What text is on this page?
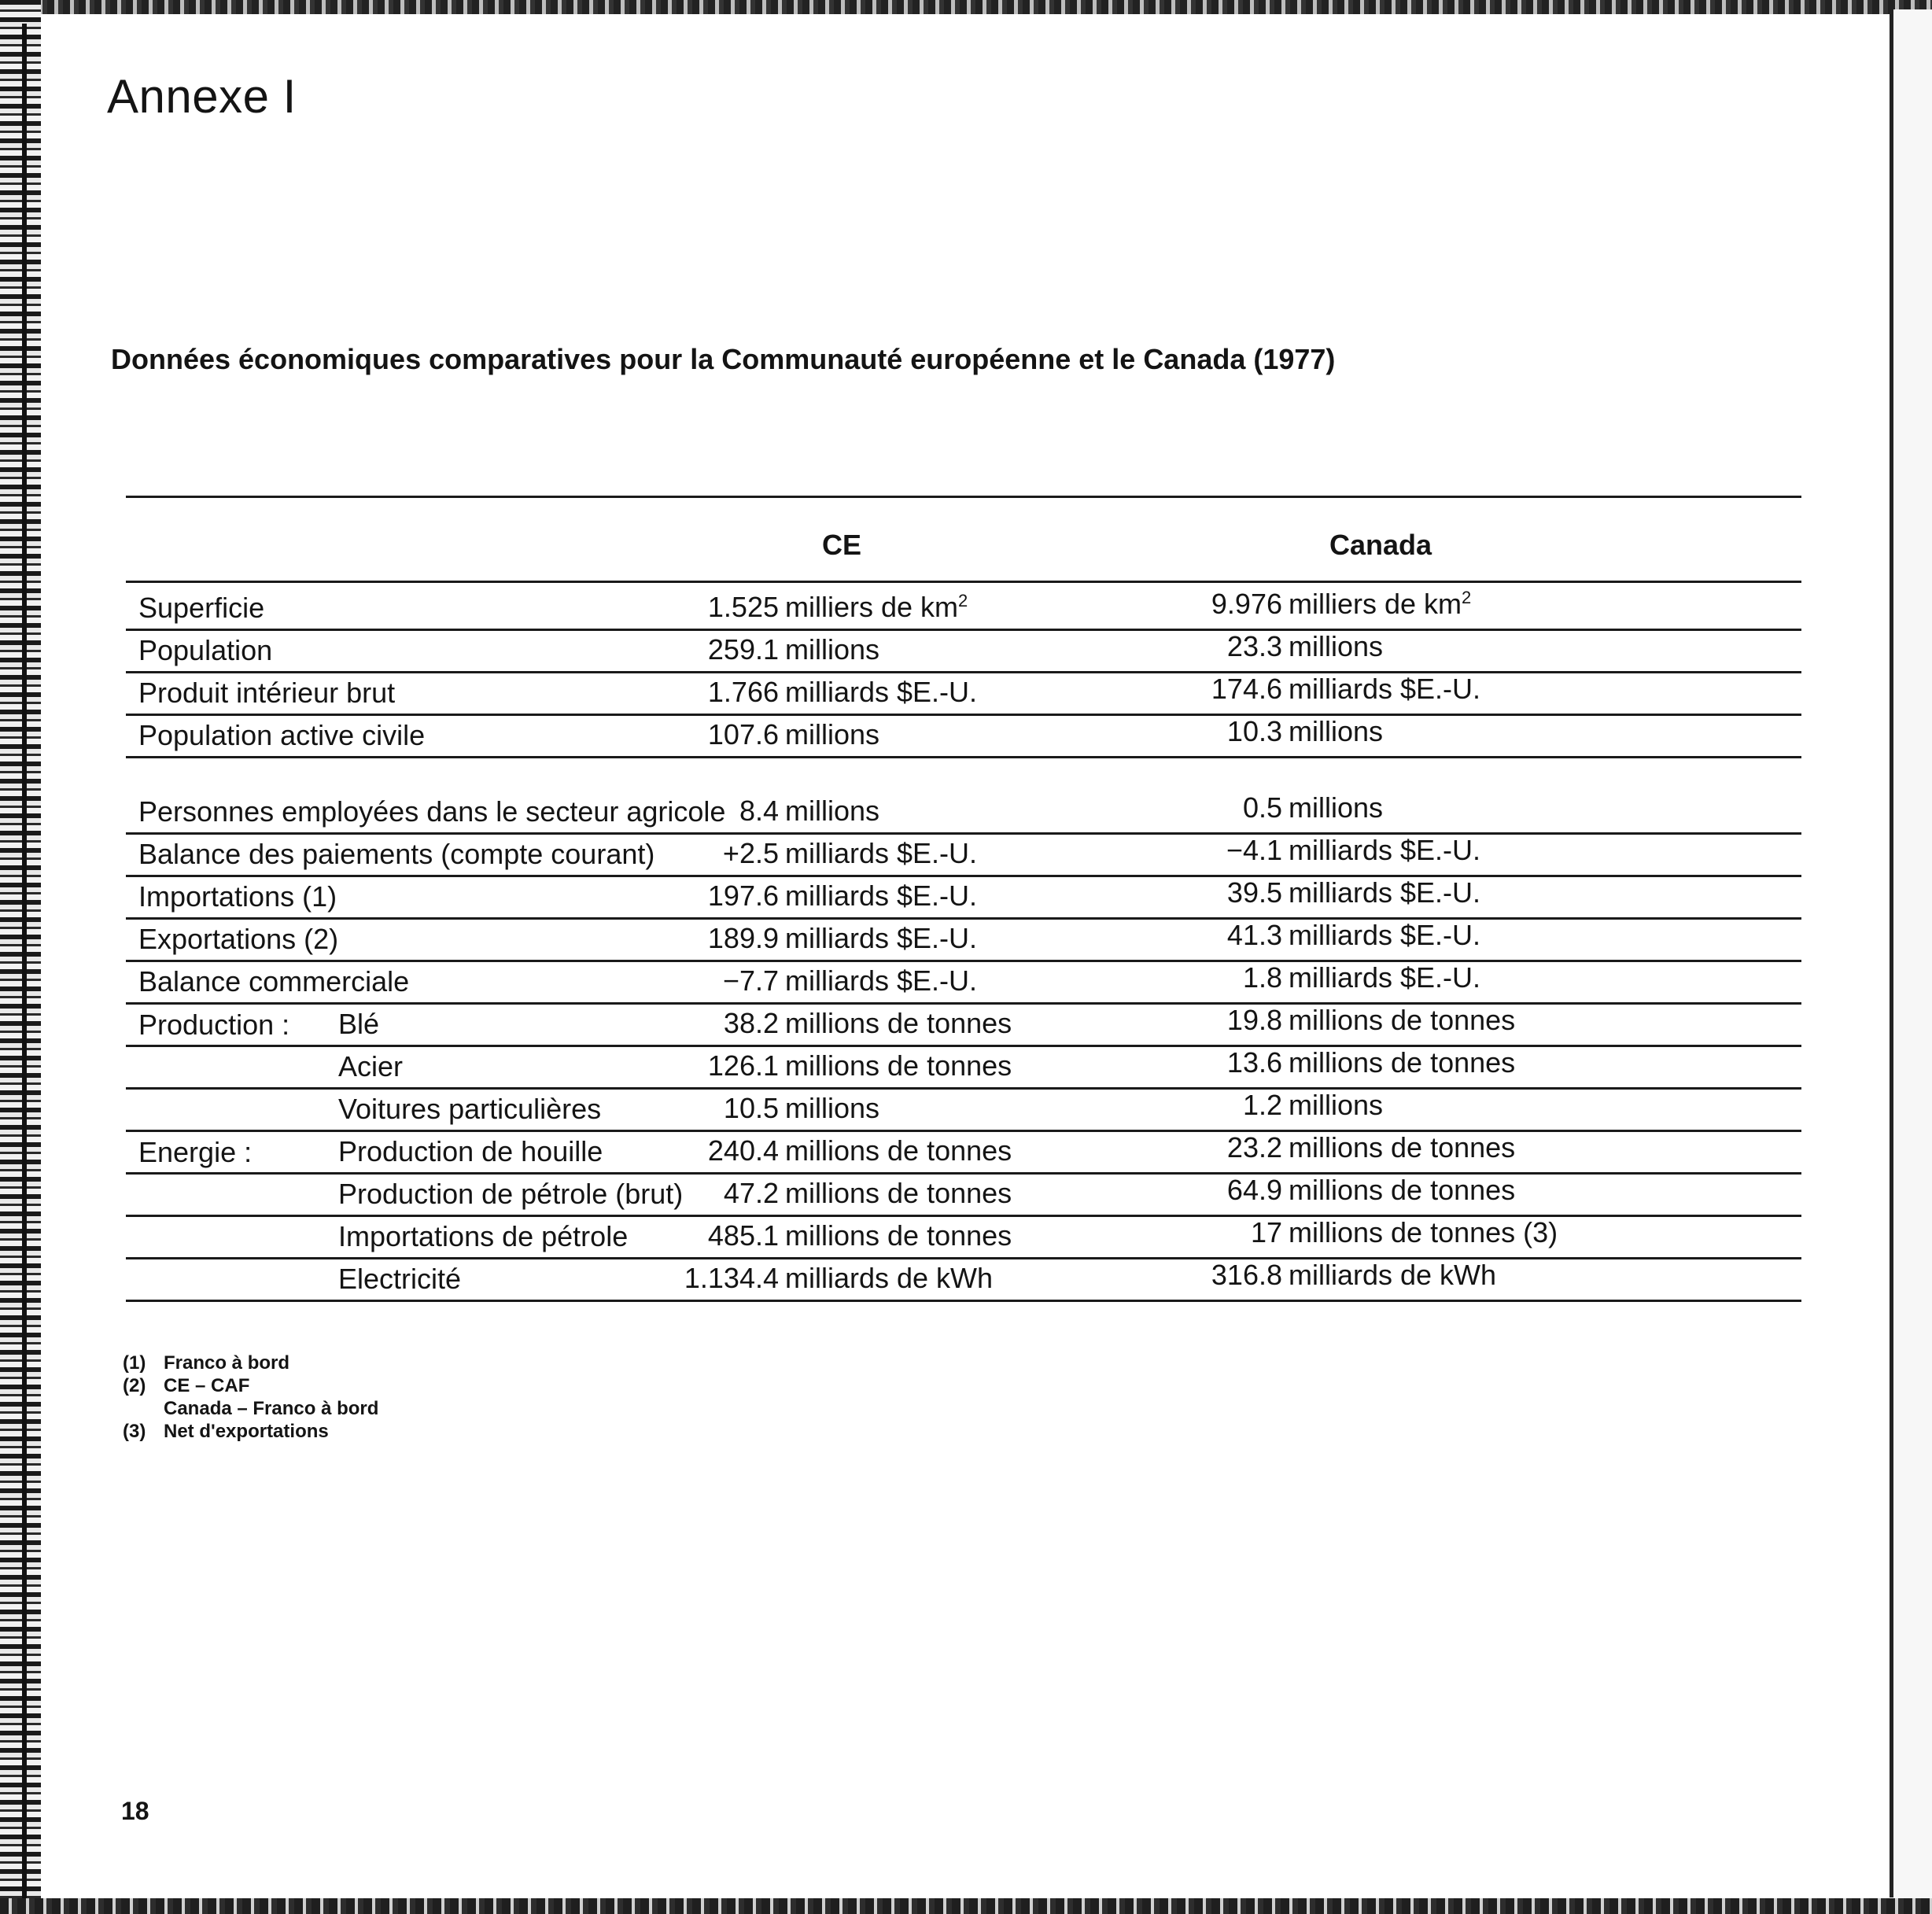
Annexe I
Données économiques comparatives pour la Communauté européenne et le Canada (1977)
CE	Canada
Superficie	1.525 milliers de $km^2$	9.976 milliers de $km^2$
Population	259.1 millions	23.3 millions
Produit intérieur brut	1.766 milliards $E.-U.	174.6 milliards $E.-U.
Population active civile	107.6 millions	10.3 millions
Personnes employées dans le secteur agricole 8.4 millions	0.5 millions
Balance des paiements (compte courant) +2.5 milliards $E.-U.	−4.1 milliards $E.-U.
Importations (1)	197.6 milliards $E.-U.	39.5 milliards $E.-U.
Exportations (2)	189.9 milliards $E.-U.	41.3 milliards $E.-U.
Balance commerciale	−7.7 milliards $E.-U.	1.8 milliards $E.-U.
Production : Blé	38.2 millions de tonnes	19.8 millions de tonnes
Acier	126.1 millions de tonnes	13.6 millions de tonnes
Voitures particulières	10.5 millions	1.2 millions
Energie :	Production de houille	240.4 millions de tonnes	23.2 millions de tonnes
Production de pétrole (brut) 47.2 millions de tonnes	64.9 millions de tonnes
Importations de pétrole	485.1 millions de tonnes	17 millions de tonnes (3)
Electricité	1.134.4 milliards de kWh	316.8 milliards de kWh
(1) Franco à bord
(2) CE – CAF
Canada – Franco à bord
(3) Net d'exportations
18
